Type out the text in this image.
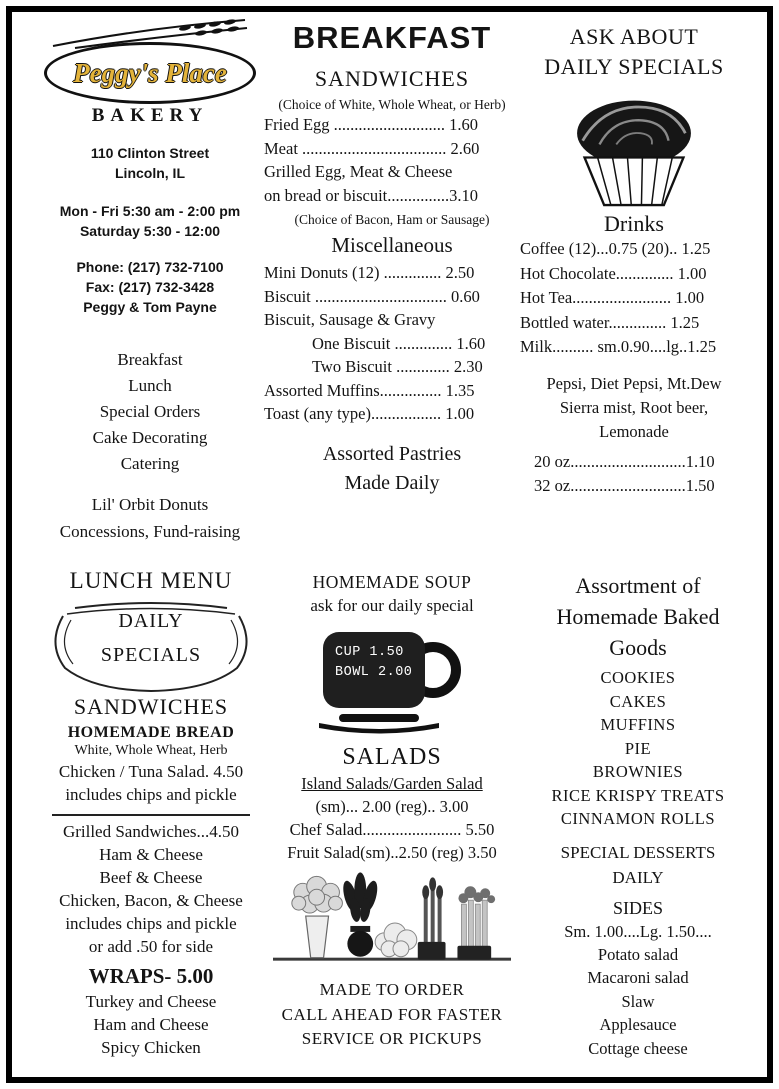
Peggy's Place
BAKERY
110 Clinton Street
Lincoln, IL
Mon - Fri 5:30 am - 2:00 pm
Saturday 5:30 - 12:00
Phone: (217) 732-7100
Fax: (217) 732-3428
Peggy & Tom Payne
Breakfast
Lunch
Special Orders
Cake Decorating
Catering
Lil' Orbit Donuts
Concessions, Fund-raising
BREAKFAST
SANDWICHES
(Choice of White, Whole Wheat, or Herb)
Fried Egg ........................... 1.60
Meat ................................... 2.60
Grilled Egg, Meat & Cheese
on bread or biscuit...............3.10
(Choice of Bacon, Ham or Sausage)
Miscellaneous
Mini Donuts (12) .............. 2.50
Biscuit ................................ 0.60
Biscuit, Sausage & Gravy
One Biscuit .............. 1.60
Two Biscuit ............. 2.30
Assorted Muffins............... 1.35
Toast (any type)................. 1.00
Assorted Pastries
Made Daily
ASK ABOUT
DAILY SPECIALS
Drinks
Coffee (12)...0.75 (20).. 1.25
Hot Chocolate.............. 1.00
Hot Tea........................ 1.00
Bottled water.............. 1.25
Milk.......... sm.0.90....lg..1.25
Pepsi, Diet Pepsi, Mt.Dew
Sierra mist, Root beer,
Lemonade
20 oz............................1.10
32 oz............................1.50
LUNCH MENU
DAILY
SPECIALS
SANDWICHES
HOMEMADE BREAD
White, Whole Wheat, Herb
Chicken / Tuna Salad. 4.50
includes chips and pickle
Grilled Sandwiches...4.50
Ham & Cheese
Beef & Cheese
Chicken, Bacon, & Cheese
includes chips and pickle
or add .50 for side
WRAPS- 5.00
Turkey and Cheese
Ham and Cheese
Spicy Chicken
HOMEMADE SOUP
ask for our daily special
CUP 1.50
BOWL 2.00
SALADS
Island Salads/Garden Salad
(sm)... 2.00 (reg).. 3.00
Chef Salad........................ 5.50
Fruit Salad(sm)..2.50 (reg) 3.50
MADE TO ORDER
CALL AHEAD FOR FASTER
SERVICE OR PICKUPS
Assortment of
Homemade Baked
Goods
COOKIES
CAKES
MUFFINS
PIE
BROWNIES
RICE KRISPY TREATS
CINNAMON ROLLS
SPECIAL DESSERTS
DAILY
SIDES
Sm. 1.00....Lg. 1.50....
Potato salad
Macaroni salad
Slaw
Applesauce
Cottage cheese
